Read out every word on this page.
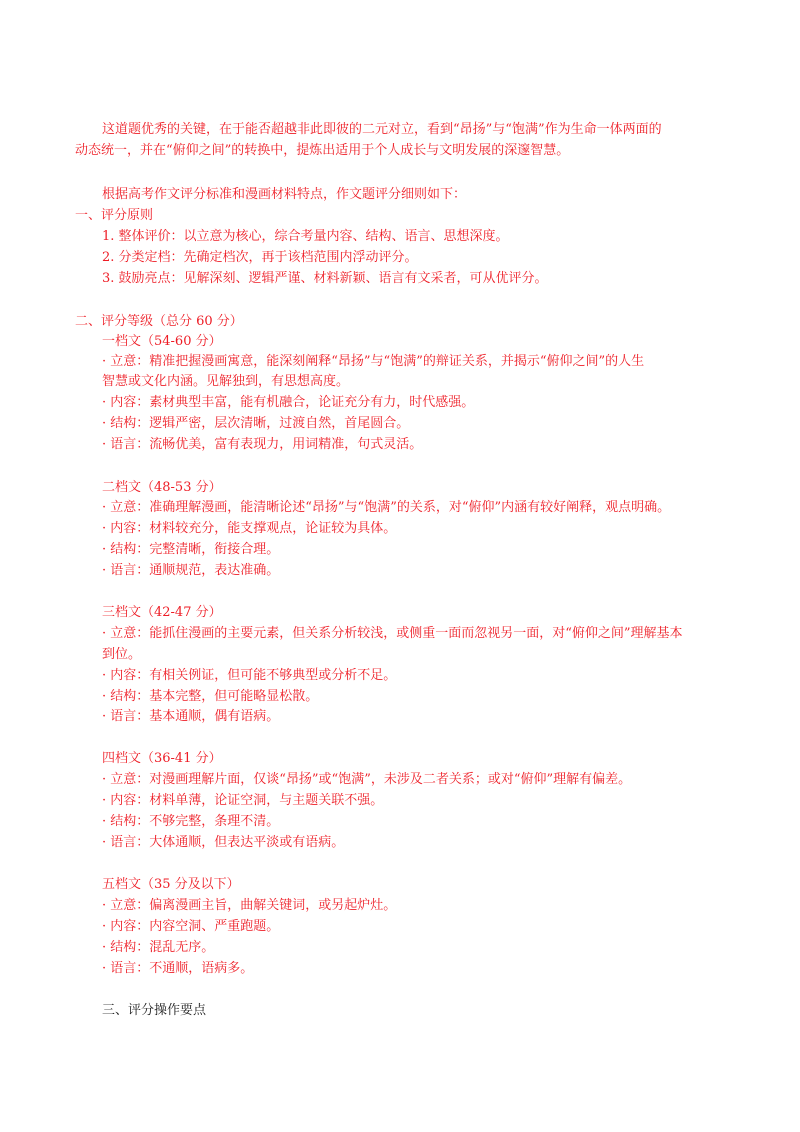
这道题优秀的关键，在于能否超越非此即彼的二元对立，看到“昂扬”与“饱满”作为生命一体两面的
动态统一，并在“俯仰之间”的转换中，提炼出适用于个人成长与文明发展的深邃智慧。
根据高考作文评分标准和漫画材料特点，作文题评分细则如下：
一、评分原则
1. 整体评价：以立意为核心，综合考量内容、结构、语言、思想深度。
2. 分类定档：先确定档次，再于该档范围内浮动评分。
3. 鼓励亮点：见解深刻、逻辑严谨、材料新颖、语言有文采者，可从优评分。
二、评分等级（总分 60 分）
一档文（54-60 分）
· 立意：精准把握漫画寓意，能深刻阐释“昂扬”与“饱满”的辩证关系，并揭示“俯仰之间”的人生
智慧或文化内涵。见解独到，有思想高度。
· 内容：素材典型丰富，能有机融合，论证充分有力，时代感强。
· 结构：逻辑严密，层次清晰，过渡自然，首尾圆合。
· 语言：流畅优美，富有表现力，用词精准，句式灵活。
二档文（48-53 分）
· 立意：准确理解漫画，能清晰论述“昂扬”与“饱满”的关系，对“俯仰”内涵有较好阐释，观点明确。
· 内容：材料较充分，能支撑观点，论证较为具体。
· 结构：完整清晰，衔接合理。
· 语言：通顺规范，表达准确。
三档文（42-47 分）
· 立意：能抓住漫画的主要元素，但关系分析较浅，或侧重一面而忽视另一面，对“俯仰之间”理解基本
到位。
· 内容：有相关例证，但可能不够典型或分析不足。
· 结构：基本完整，但可能略显松散。
· 语言：基本通顺，偶有语病。
四档文（36-41 分）
· 立意：对漫画理解片面，仅谈“昂扬”或“饱满”，未涉及二者关系；或对“俯仰”理解有偏差。
· 内容：材料单薄，论证空洞，与主题关联不强。
· 结构：不够完整，条理不清。
· 语言：大体通顺，但表达平淡或有语病。
五档文（35 分及以下）
· 立意：偏离漫画主旨，曲解关键词，或另起炉灶。
· 内容：内容空洞、严重跑题。
· 结构：混乱无序。
· 语言：不通顺，语病多。
三、评分操作要点
